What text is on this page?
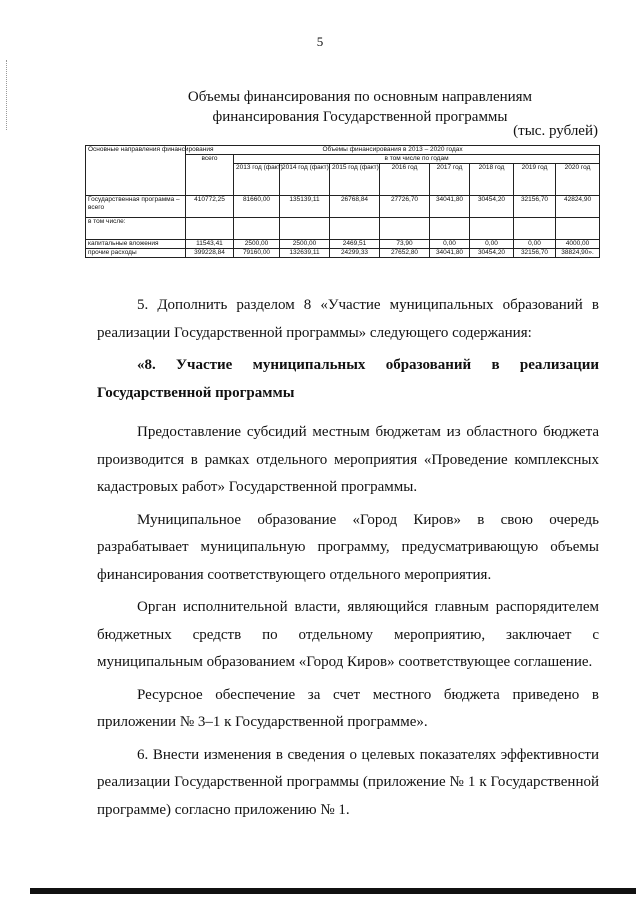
5
Объемы финансирования по основным направлениям финансирования Государственной программы
(тыс. рублей)
Основные направления финансирования	Объемы финансирования в 2013 – 2020 годах								
	всего	в том числе по годам							
		2013 год (факт)	2014 год (факт)	2015 год (факт)	2016 год	2017 год	2018 год	2019 год	2020 год
Государственная программа – всего	410772,25	81660,00	135139,11	26768,84	27726,70	34041,80	30454,20	32156,70	42824,90
в том числе:									
капитальные вложения	11543,41	2500,00	2500,00	2469,51	73,90	0,00	0,00	0,00	4000,00
прочие расходы	399228,84	79160,00	132639,11	24299,33	27652,80	34041,80	30454,20	32156,70	38824,90».

5. Дополнить разделом 8 «Участие муниципальных образований в реализации Государственной программы» следующего содержания:

«8. Участие муниципальных образований в реализации Государственной программы

Предоставление субсидий местным бюджетам из областного бюджета производится в рамках отдельного мероприятия «Проведение комплексных кадастровых работ» Государственной программы.

Муниципальное образование «Город Киров» в свою очередь разрабатывает муниципальную программу, предусматривающую объемы финансирования соответствующего отдельного мероприятия.

Орган исполнительной власти, являющийся главным распорядителем бюджетных средств по отдельному мероприятию, заключает с муниципальным образованием «Город Киров» соответствующее соглашение.

Ресурсное обеспечение за счет местного бюджета приведено в приложении № 3–1 к Государственной программе».

6. Внести изменения в сведения о целевых показателях эффективности реализации Государственной программы (приложение № 1 к Государственной программе) согласно приложению № 1.
